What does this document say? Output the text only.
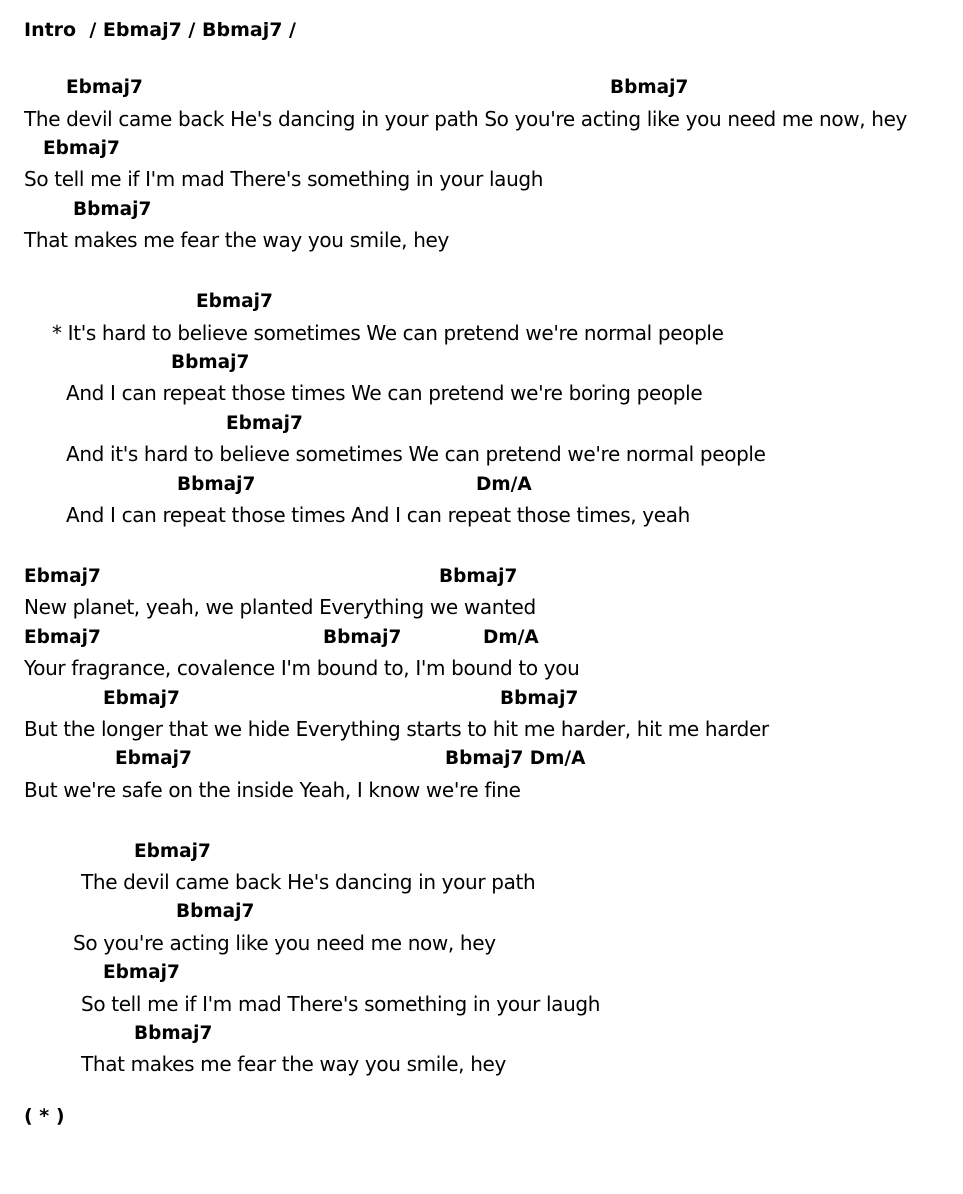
Intro  / Ebmaj7 / Bbmaj7 /
Ebmaj7	Bbmaj7
The devil came back He's dancing in your path So you're acting like you need me now, hey
Ebmaj7
So tell me if I'm mad There's something in your laugh
Bbmaj7
That makes me fear the way you smile, hey
Ebmaj7
* It's hard to believe sometimes We can pretend we're normal people
Bbmaj7
And I can repeat those times We can pretend we're boring people
Ebmaj7
And it's hard to believe sometimes We can pretend we're normal people
Bbmaj7	Dm/A
And I can repeat those times And I can repeat those times, yeah
Ebmaj7	Bbmaj7
New planet, yeah, we planted Everything we wanted
Ebmaj7	Bbmaj7	Dm/A
Your fragrance, covalence I'm bound to, I'm bound to you
Ebmaj7	Bbmaj7
But the longer that we hide Everything starts to hit me harder, hit me harder
Ebmaj7	Bbmaj7 Dm/A
But we're safe on the inside Yeah, I know we're fine
Ebmaj7
The devil came back He's dancing in your path
Bbmaj7
So you're acting like you need me now, hey
Ebmaj7
So tell me if I'm mad There's something in your laugh
Bbmaj7
That makes me fear the way you smile, hey
( * )
